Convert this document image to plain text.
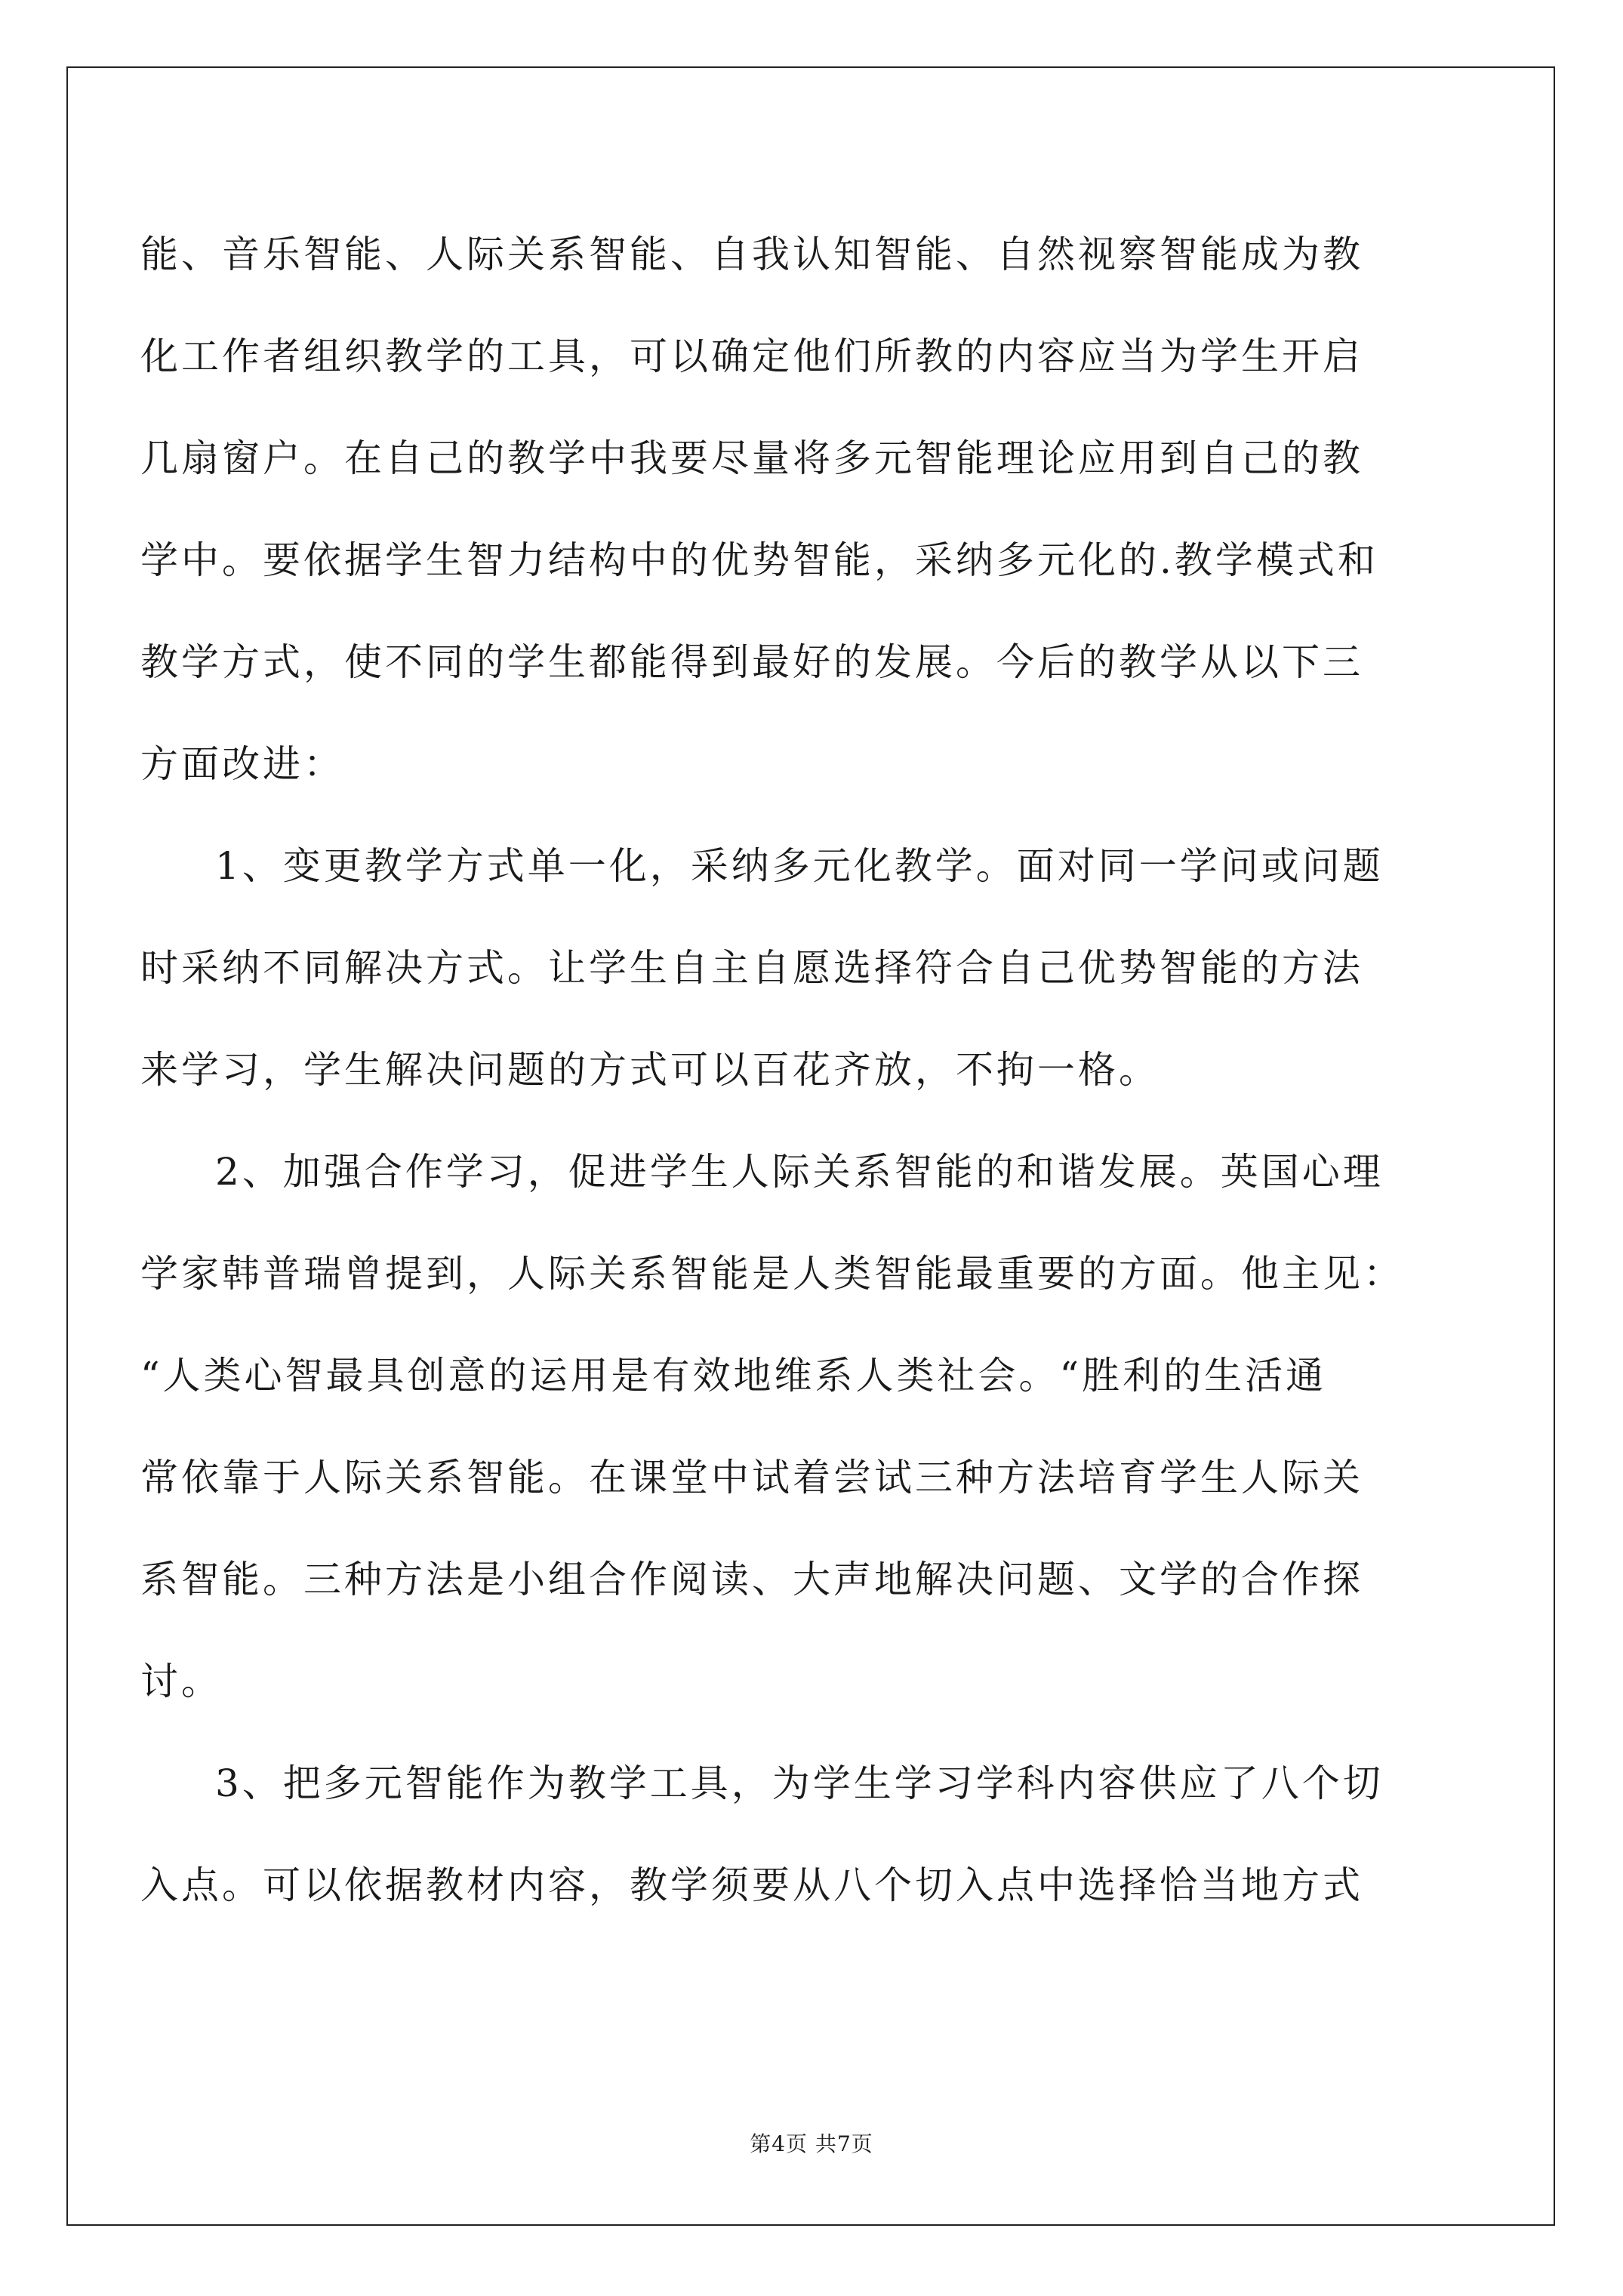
能、音乐智能、人际关系智能、自我认知智能、自然视察智能成为教
化工作者组织教学的工具，可以确定他们所教的内容应当为学生开启
几扇窗户。在自己的教学中我要尽量将多元智能理论应用到自己的教
学中。要依据学生智力结构中的优势智能，采纳多元化的.教学模式和
教学方式，使不同的学生都能得到最好的发展。今后的教学从以下三
方面改进：
1、变更教学方式单一化，采纳多元化教学。面对同一学问或问题
时采纳不同解决方式。让学生自主自愿选择符合自己优势智能的方法
来学习，学生解决问题的方式可以百花齐放，不拘一格。
2、加强合作学习，促进学生人际关系智能的和谐发展。英国心理
学家韩普瑞曾提到，人际关系智能是人类智能最重要的方面。他主见：
“人类心智最具创意的运用是有效地维系人类社会。“胜利的生活通
常依靠于人际关系智能。在课堂中试着尝试三种方法培育学生人际关
系智能。三种方法是小组合作阅读、大声地解决问题、文学的合作探
讨。
3、把多元智能作为教学工具，为学生学习学科内容供应了八个切
入点。可以依据教材内容，教学须要从八个切入点中选择恰当地方式
第4页 共7页
